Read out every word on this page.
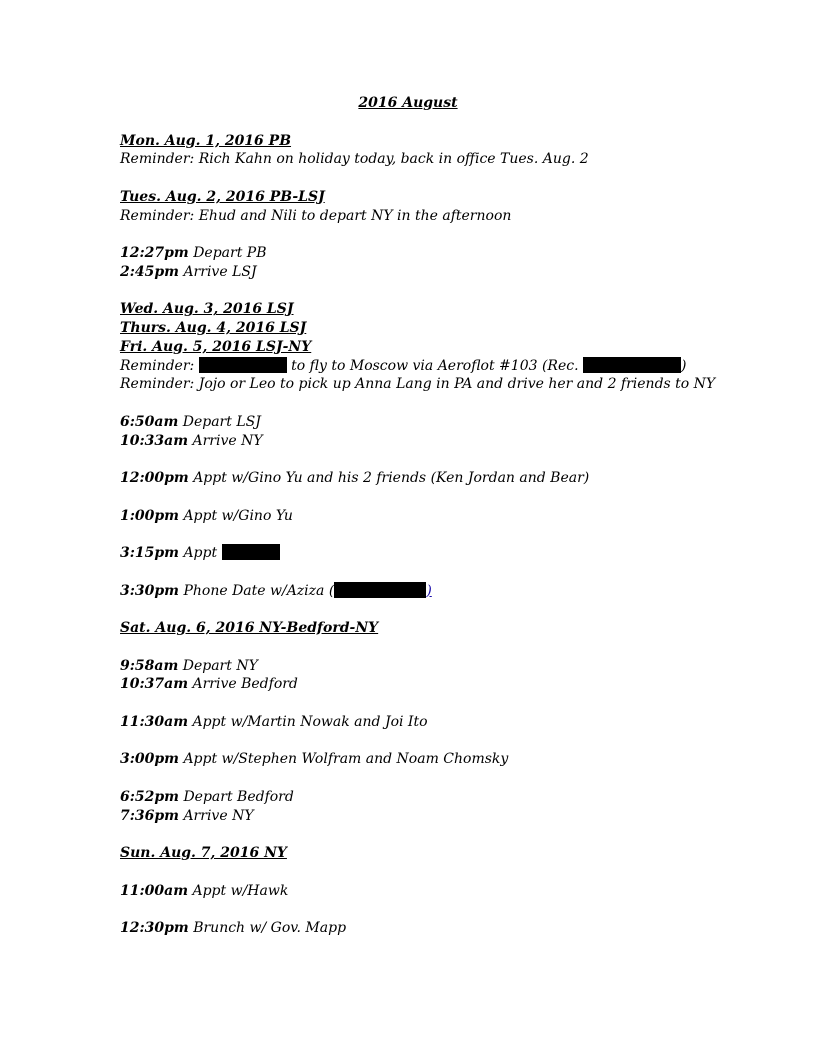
2016 August
Mon. Aug. 1, 2016 PB
Reminder: Rich Kahn on holiday today, back in office Tues. Aug. 2
Tues. Aug. 2, 2016 PB-LSJ
Reminder: Ehud and Nili to depart NY in the afternoon
12:27pm Depart PB
2:45pm Arrive LSJ
Wed. Aug. 3, 2016 LSJ
Thurs. Aug. 4, 2016 LSJ
Fri. Aug. 5, 2016 LSJ-NY
Reminder:	to fly to Moscow via Aeroflot #103 (Rec.	)
Reminder: Jojo or Leo to pick up Anna Lang in PA and drive her and 2 friends to NY
6:50am Depart LSJ
10:33am Arrive NY
12:00pm Appt w/Gino Yu and his 2 friends (Ken Jordan and Bear)
1:00pm Appt w/Gino Yu
3:15pm Appt
3:30pm Phone Date w/Aziza (	)
Sat. Aug. 6, 2016 NY-Bedford-NY
9:58am Depart NY
10:37am Arrive Bedford
11:30am Appt w/Martin Nowak and Joi Ito
3:00pm Appt w/Stephen Wolfram and Noam Chomsky
6:52pm Depart Bedford
7:36pm Arrive NY
Sun. Aug. 7, 2016 NY
11:00am Appt w/Hawk
12:30pm Brunch w/ Gov. Mapp
